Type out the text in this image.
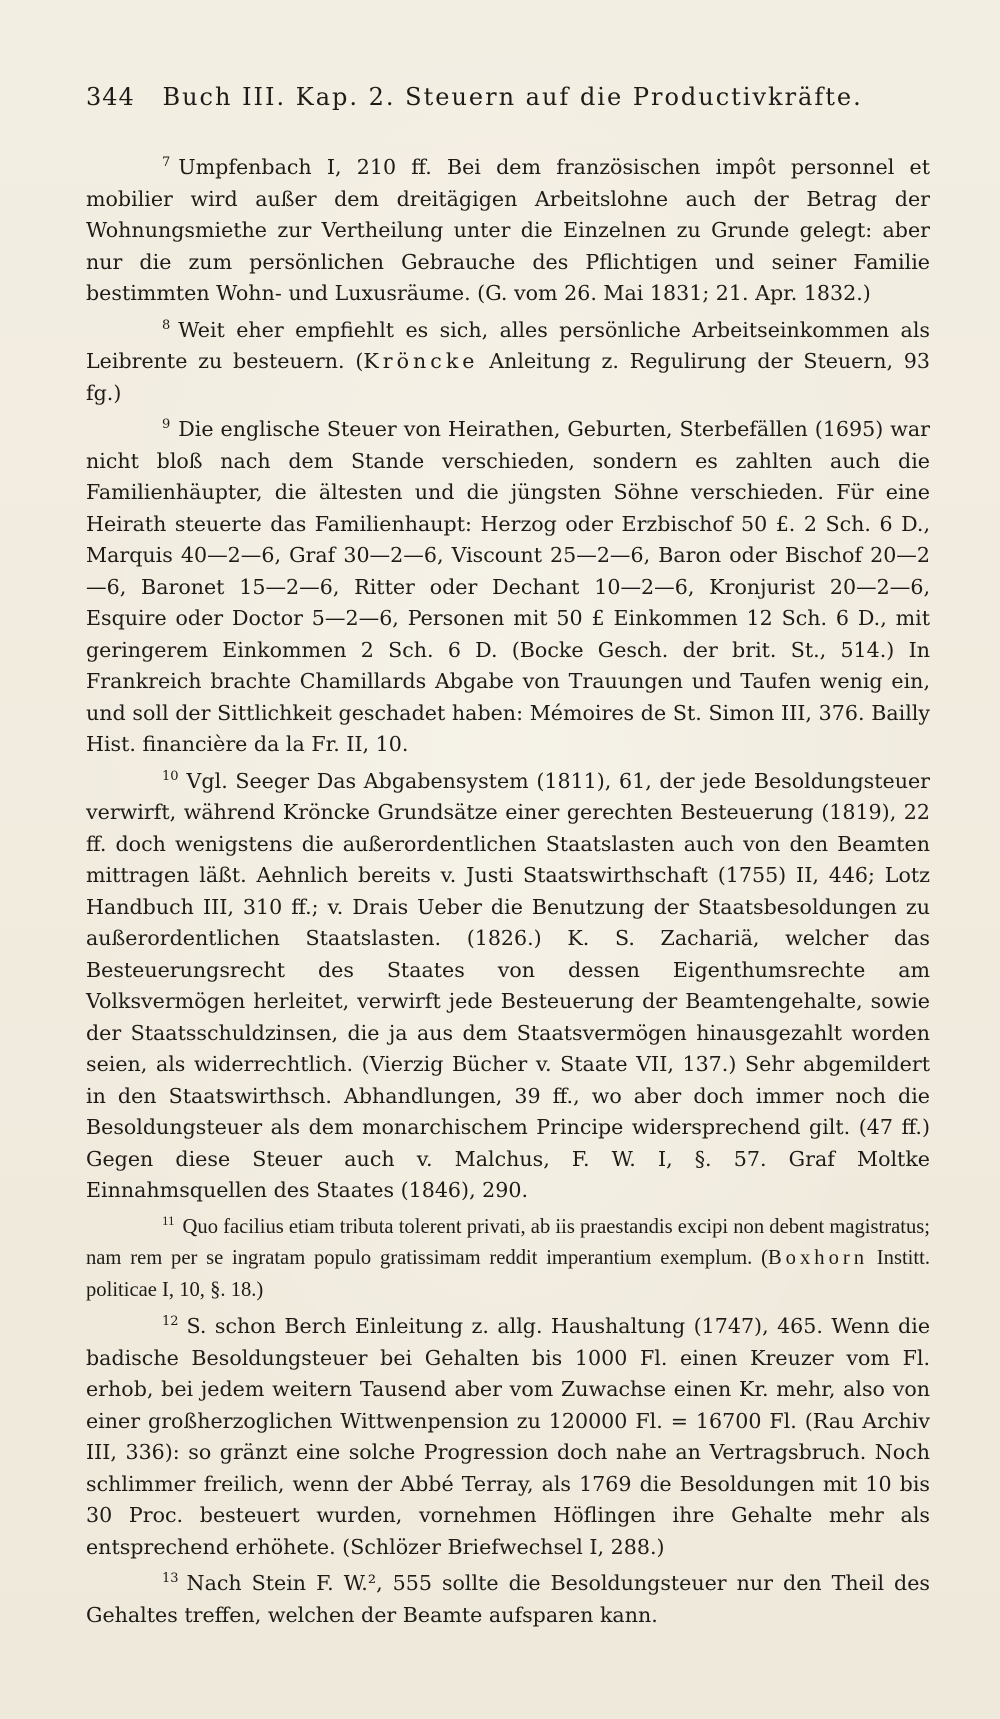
344 Buch III. Kap. 2. Steuern auf die Productivkräfte.

$^7$ Umpfenbach I, 210 ff. Bei dem französischen impôt personnel et mobilier wird außer dem dreitägigen Arbeitslohne auch der Betrag der Wohnungsmiethe zur Vertheilung unter die Einzelnen zu Grunde gelegt: aber nur die zum persönlichen Gebrauche des Pflichtigen und seiner Familie bestimmten Wohn- und Luxusräume. (G. vom 26. Mai 1831; 21. Apr. 1832.)

$^8$ Weit eher empfiehlt es sich, alles persönliche Arbeitseinkommen als Leibrente zu besteuern. (Kröncke Anleitung z. Regulirung der Steuern, 93 fg.)

$^9$ Die englische Steuer von Heirathen, Geburten, Sterbefällen (1695) war nicht bloß nach dem Stande verschieden, sondern es zahlten auch die Familienhäupter, die ältesten und die jüngsten Söhne verschieden. Für eine Heirath steuerte das Familienhaupt: Herzog oder Erzbischof 50 £. 2 Sch. 6 D., Marquis 40—2—6, Graf 30—2—6, Viscount 25—2—6, Baron oder Bischof 20—2—6, Baronet 15—2—6, Ritter oder Dechant 10—2—6, Kronjurist 20—2—6, Esquire oder Doctor 5—2—6, Personen mit 50 £ Einkommen 12 Sch. 6 D., mit geringerem Einkommen 2 Sch. 6 D. (Bocke Gesch. der brit. St., 514.) In Frankreich brachte Chamillards Abgabe von Trauungen und Taufen wenig ein, und soll der Sittlichkeit geschadet haben: Mémoires de St. Simon III, 376. Bailly Hist. financière da la Fr. II, 10.

$^{10}$ Vgl. Seeger Das Abgabensystem (1811), 61, der jede Besoldungsteuer verwirft, während Kröncke Grundsätze einer gerechten Besteuerung (1819), 22 ff. doch wenigstens die außerordentlichen Staatslasten auch von den Beamten mittragen läßt. Aehnlich bereits v. Justi Staatswirthschaft (1755) II, 446; Lotz Handbuch III, 310 ff.; v. Drais Ueber die Benutzung der Staatsbesoldungen zu außerordentlichen Staatslasten. (1826.) K. S. Zachariä, welcher das Besteuerungsrecht des Staates von dessen Eigenthumsrechte am Volksvermögen herleitet, verwirft jede Besteuerung der Beamtengehalte, sowie der Staatsschuldzinsen, die ja aus dem Staatsvermögen hinausgezahlt worden seien, als widerrechtlich. (Vierzig Bücher v. Staate VII, 137.) Sehr abgemildert in den Staatswirthsch. Abhandlungen, 39 ff., wo aber doch immer noch die Besoldungsteuer als dem monarchischem Principe widersprechend gilt. (47 ff.) Gegen diese Steuer auch v. Malchus, F. W. I, §. 57. Graf Moltke Einnahmsquellen des Staates (1846), 290.

$^{11}$ Quo facilius etiam tributa tolerent privati, ab iis praestandis excipi non debent magistratus; nam rem per se ingratam populo gratissimam reddit imperantium exemplum. (Boxhorn Institt. politicae I, 10, §. 18.)

$^{12}$ S. schon Berch Einleitung z. allg. Haushaltung (1747), 465. Wenn die badische Besoldungsteuer bei Gehalten bis 1000 Fl. einen Kreuzer vom Fl. erhob, bei jedem weitern Tausend aber vom Zuwachse einen Kr. mehr, also von einer großherzoglichen Wittwenpension zu 120000 Fl. = 16700 Fl. (Rau Archiv III, 336): so gränzt eine solche Progression doch nahe an Vertragsbruch. Noch schlimmer freilich, wenn der Abbé Terray, als 1769 die Besoldungen mit 10 bis 30 Proc. besteuert wurden, vornehmen Höflingen ihre Gehalte mehr als entsprechend erhöhete. (Schlözer Briefwechsel I, 288.)

$^{13}$ Nach Stein F. W.², 555 sollte die Besoldungsteuer nur den Theil des Gehaltes treffen, welchen der Beamte aufsparen kann.
